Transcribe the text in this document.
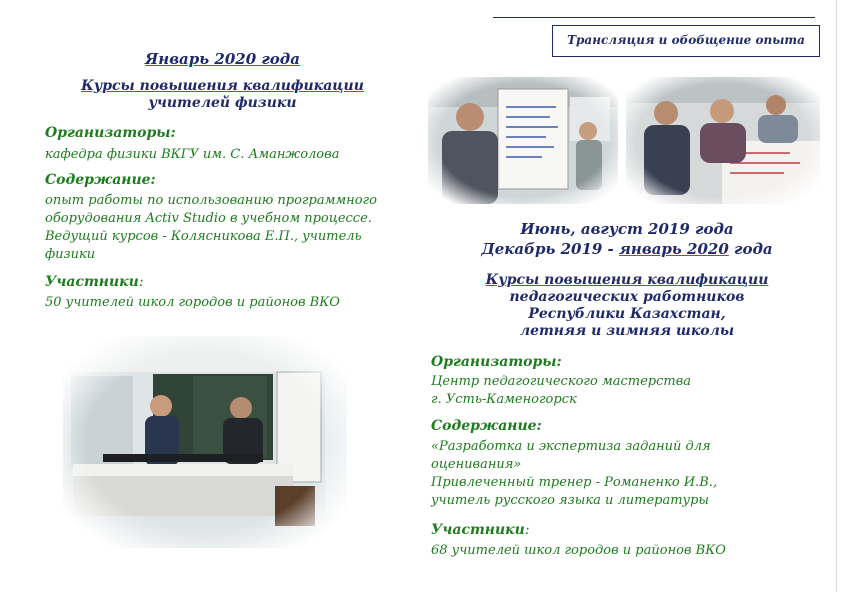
Трансляция и обобщение опыта
Январь 2020 года
Курсы повышения квалификации
учителей физики
Организаторы:
кафедра физики ВКГУ им. С. Аманжолова
Содержание:
опыт работы по использованию программного
оборудования Activ Studio в учебном процессе.
Ведущий курсов - Колясникова Е.П., учитель
физики
Участники:
50 учителей школ городов и районов ВКО
Июнь, август 2019 года
Декабрь 2019 - январь 2020 года
Курсы повышения квалификации
педагогических работников
Республики Казахстан,
летняя и зимняя школы
Организаторы:
Центр педагогического мастерства
г. Усть-Каменогорск
Содержание:
«Разработка и экспертиза заданий для
оценивания»
Привлеченный тренер - Романенко И.В.,
учитель русского языка и литературы
Участники:
68 учителей школ городов и районов ВКО
